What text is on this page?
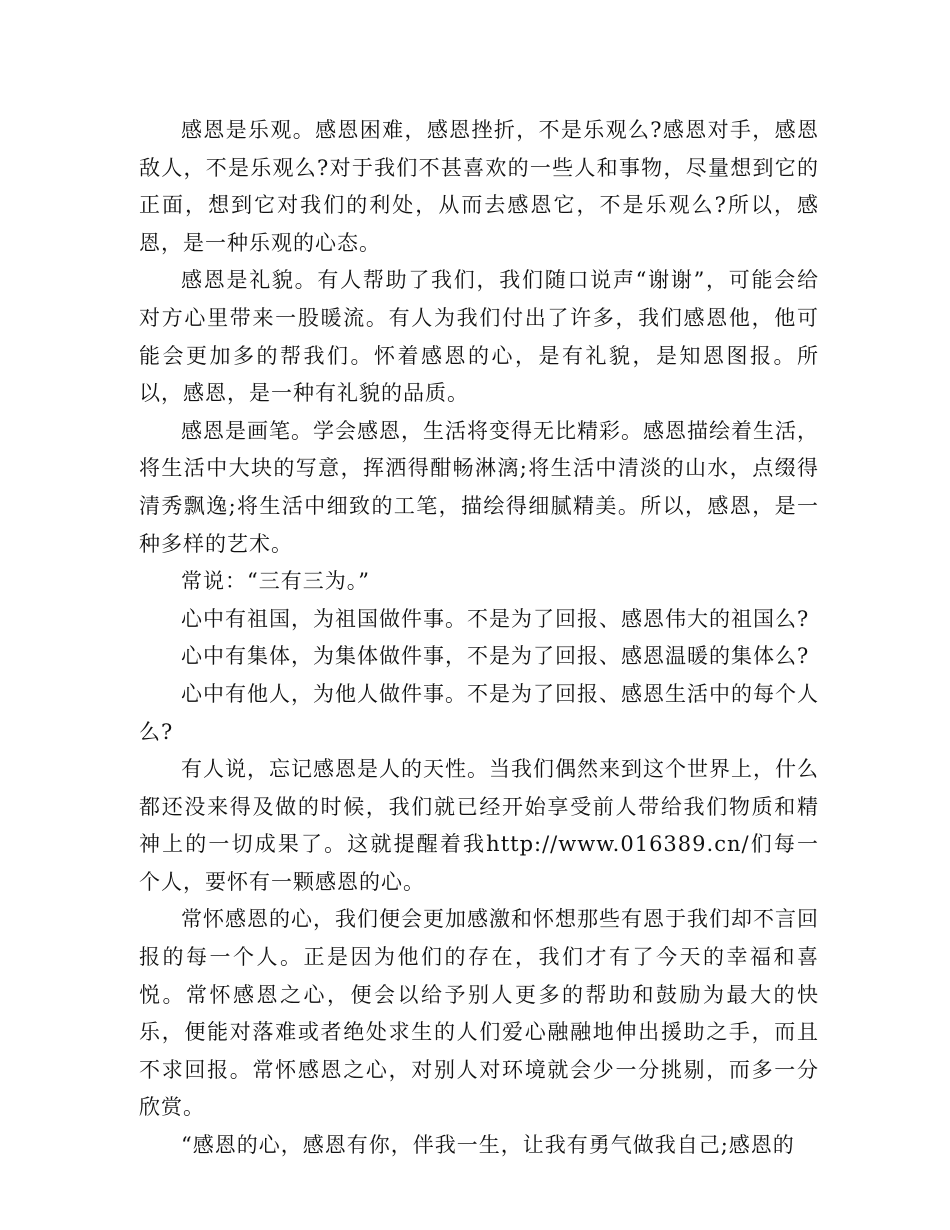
感恩是乐观。感恩困难，感恩挫折，不是乐观么?感恩对手，感恩敌人，不是乐观么?对于我们不甚喜欢的一些人和事物，尽量想到它的正面，想到它对我们的利处，从而去感恩它，不是乐观么?所以，感恩，是一种乐观的心态。

感恩是礼貌。有人帮助了我们，我们随口说声“谢谢”，可能会给对方心里带来一股暖流。有人为我们付出了许多，我们感恩他，他可能会更加多的帮我们。怀着感恩的心，是有礼貌，是知恩图报。所以，感恩，是一种有礼貌的品质。

感恩是画笔。学会感恩，生活将变得无比精彩。感恩描绘着生活，将生活中大块的写意，挥洒得酣畅淋漓;将生活中清淡的山水，点缀得清秀飘逸;将生活中细致的工笔，描绘得细腻精美。所以，感恩，是一种多样的艺术。

常说：“三有三为。”

心中有祖国，为祖国做件事。不是为了回报、感恩伟大的祖国么?

心中有集体，为集体做件事，不是为了回报、感恩温暖的集体么?

心中有他人，为他人做件事。不是为了回报、感恩生活中的每个人么?

有人说，忘记感恩是人的天性。当我们偶然来到这个世界上，什么都还没来得及做的时候，我们就已经开始享受前人带给我们物质和精神上的一切成果了。这就提醒着我http://www.016389.cn/们每一个人，要怀有一颗感恩的心。

常怀感恩的心，我们便会更加感激和怀想那些有恩于我们却不言回报的每一个人。正是因为他们的存在，我们才有了今天的幸福和喜悦。常怀感恩之心，便会以给予别人更多的帮助和鼓励为最大的快乐，便能对落难或者绝处求生的人们爱心融融地伸出援助之手，而且不求回报。常怀感恩之心，对别人对环境就会少一分挑剔，而多一分欣赏。

“感恩的心，感恩有你，伴我一生，让我有勇气做我自己;感恩的
